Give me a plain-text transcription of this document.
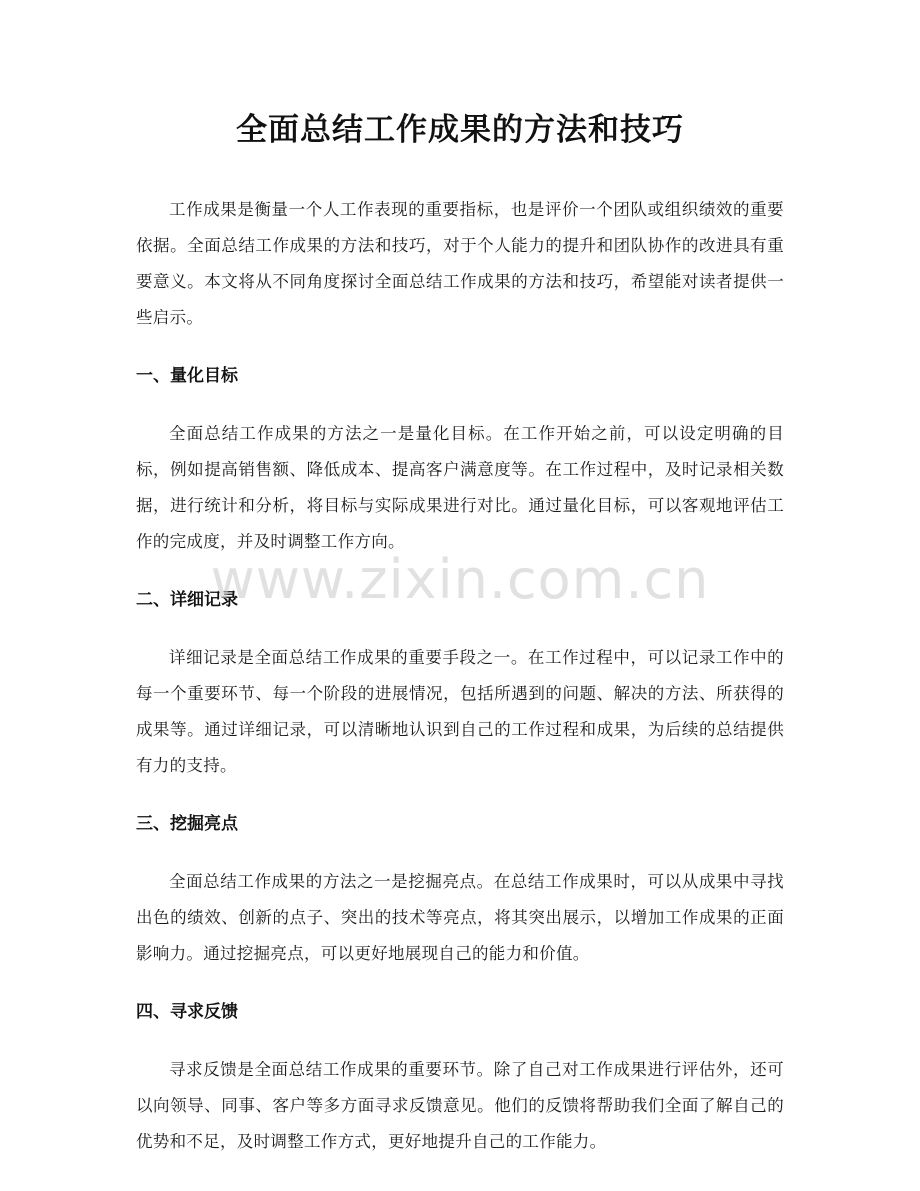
全面总结工作成果的方法和技巧

工作成果是衡量一个人工作表现的重要指标，也是评价一个团队或组织绩效的重要依据。全面总结工作成果的方法和技巧，对于个人能力的提升和团队协作的改进具有重要意义。本文将从不同角度探讨全面总结工作成果的方法和技巧，希望能对读者提供一些启示。

一、量化目标

全面总结工作成果的方法之一是量化目标。在工作开始之前，可以设定明确的目标，例如提高销售额、降低成本、提高客户满意度等。在工作过程中，及时记录相关数据，进行统计和分析，将目标与实际成果进行对比。通过量化目标，可以客观地评估工作的完成度，并及时调整工作方向。

二、详细记录

详细记录是全面总结工作成果的重要手段之一。在工作过程中，可以记录工作中的每一个重要环节、每一个阶段的进展情况，包括所遇到的问题、解决的方法、所获得的成果等。通过详细记录，可以清晰地认识到自己的工作过程和成果，为后续的总结提供有力的支持。

三、挖掘亮点

全面总结工作成果的方法之一是挖掘亮点。在总结工作成果时，可以从成果中寻找出色的绩效、创新的点子、突出的技术等亮点，将其突出展示，以增加工作成果的正面影响力。通过挖掘亮点，可以更好地展现自己的能力和价值。

四、寻求反馈

寻求反馈是全面总结工作成果的重要环节。除了自己对工作成果进行评估外，还可以向领导、同事、客户等多方面寻求反馈意见。他们的反馈将帮助我们全面了解自己的优势和不足，及时调整工作方式，更好地提升自己的工作能力。

www.zixin.com.cn
